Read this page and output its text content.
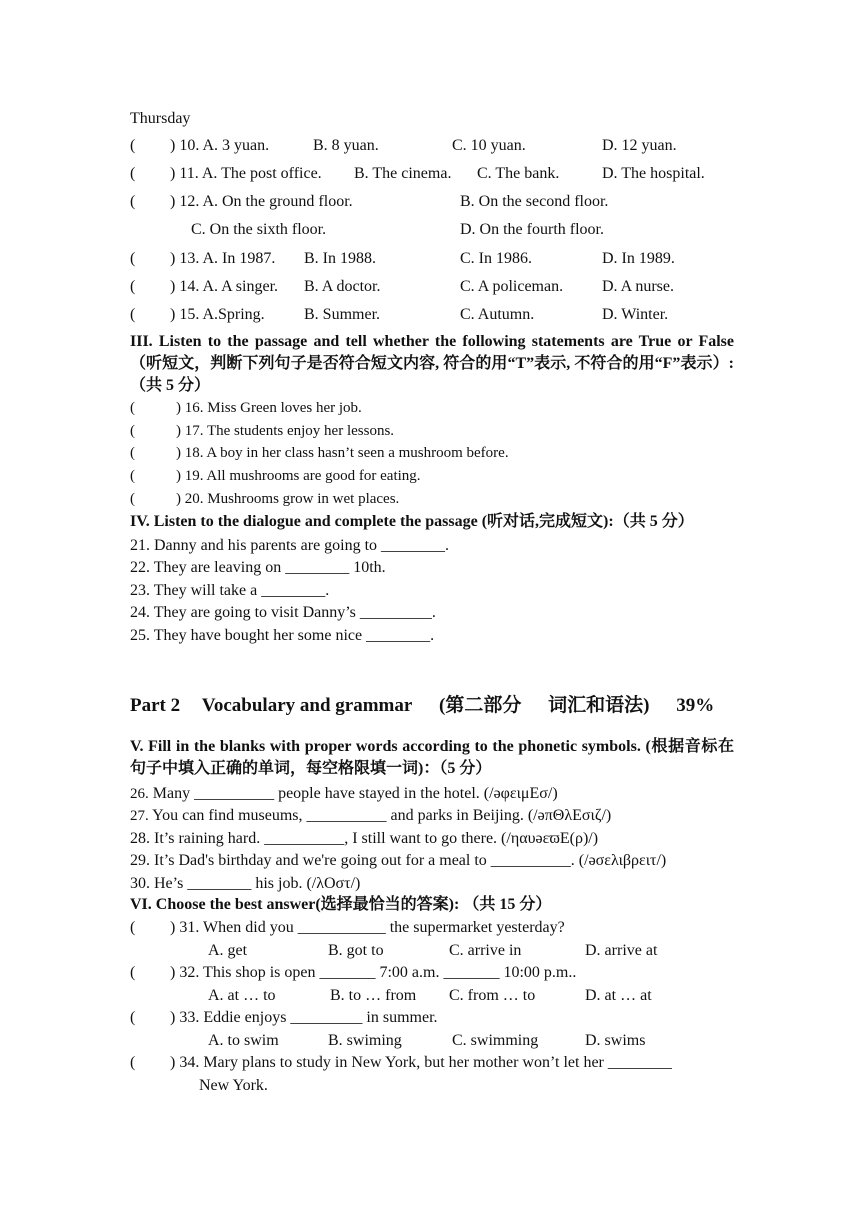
Thursday
( ) 10. A. 3 yuan.	B. 8 yuan.	C. 10 yuan.	D. 12 yuan.
( ) 11. A. The post office. B. The cinema. C. The bank.	D. The hospital.
( ) 12. A. On the ground floor.	B. On the second floor.
C. On the sixth floor.	D. On the fourth floor.
( ) 13. A. In 1987. B. In 1988.	C. In 1986.	D. In 1989.
( ) 14. A. A singer. B. A doctor.	C. A policeman. D. A nurse.
( ) 15. A.Spring. B. Summer.	C. Autumn.	D. Winter.
III. Listen to the passage and tell whether the following statements are True or False（听短文，判断下列句子是否符合短文内容, 符合的用“T”表示, 不符合的用“F”表示）:（共 5 分）
(	) 16. Miss Green loves her job.
(	) 17. The students enjoy her lessons.
(	) 18. A boy in her class hasn’t seen a mushroom before.
(	) 19. All mushrooms are good for eating.
(	) 20. Mushrooms grow in wet places.
IV. Listen to the dialogue and complete the passage (听对话,完成短文):（共 5 分）
21. Danny and his parents are going to ________.
22. They are leaving on ________ 10th.
23. They will take a ________.
24. They are going to visit Danny’s _________.
25. They have bought her some nice ________.
Part 2 Vocabulary and grammar (第二部分 词汇和语法) 39%
V. Fill in the blanks with proper words according to the phonetic symbols. (根据音标在句子中填入正确的单词，每空格限填一词)：（5 分）
26. Many __________ people have stayed in the hotel. (/əφειμΕσ/)
27. You can find museums, __________ and parks in Beijing. (/əπΘλΕσιζ/)
28. It’s raining hard. __________, I still want to go there. (/ηαυəεϖΕ(ρ)/)
29. It’s Dad's birthday and we're going out for a meal to __________. (/əσελιβρειτ/)
30. He’s ________ his job. (/λΟστ/)
VI. Choose the best answer(选择最恰当的答案): （共 15 分）
( ) 31. When did you ___________ the supermarket yesterday?
A. get	B. got to	C. arrive in	D. arrive at
( ) 32. This shop is open _______ 7:00 a.m. _______ 10:00 p.m..
A. at … to	B. to … from C. from … to	D. at … at
( ) 33. Eddie enjoys _________ in summer.
A. to swim	B. swiming	C. swimming	D. swims
( ) 34. Mary plans to study in New York, but her mother won’t let her ________
New York.
